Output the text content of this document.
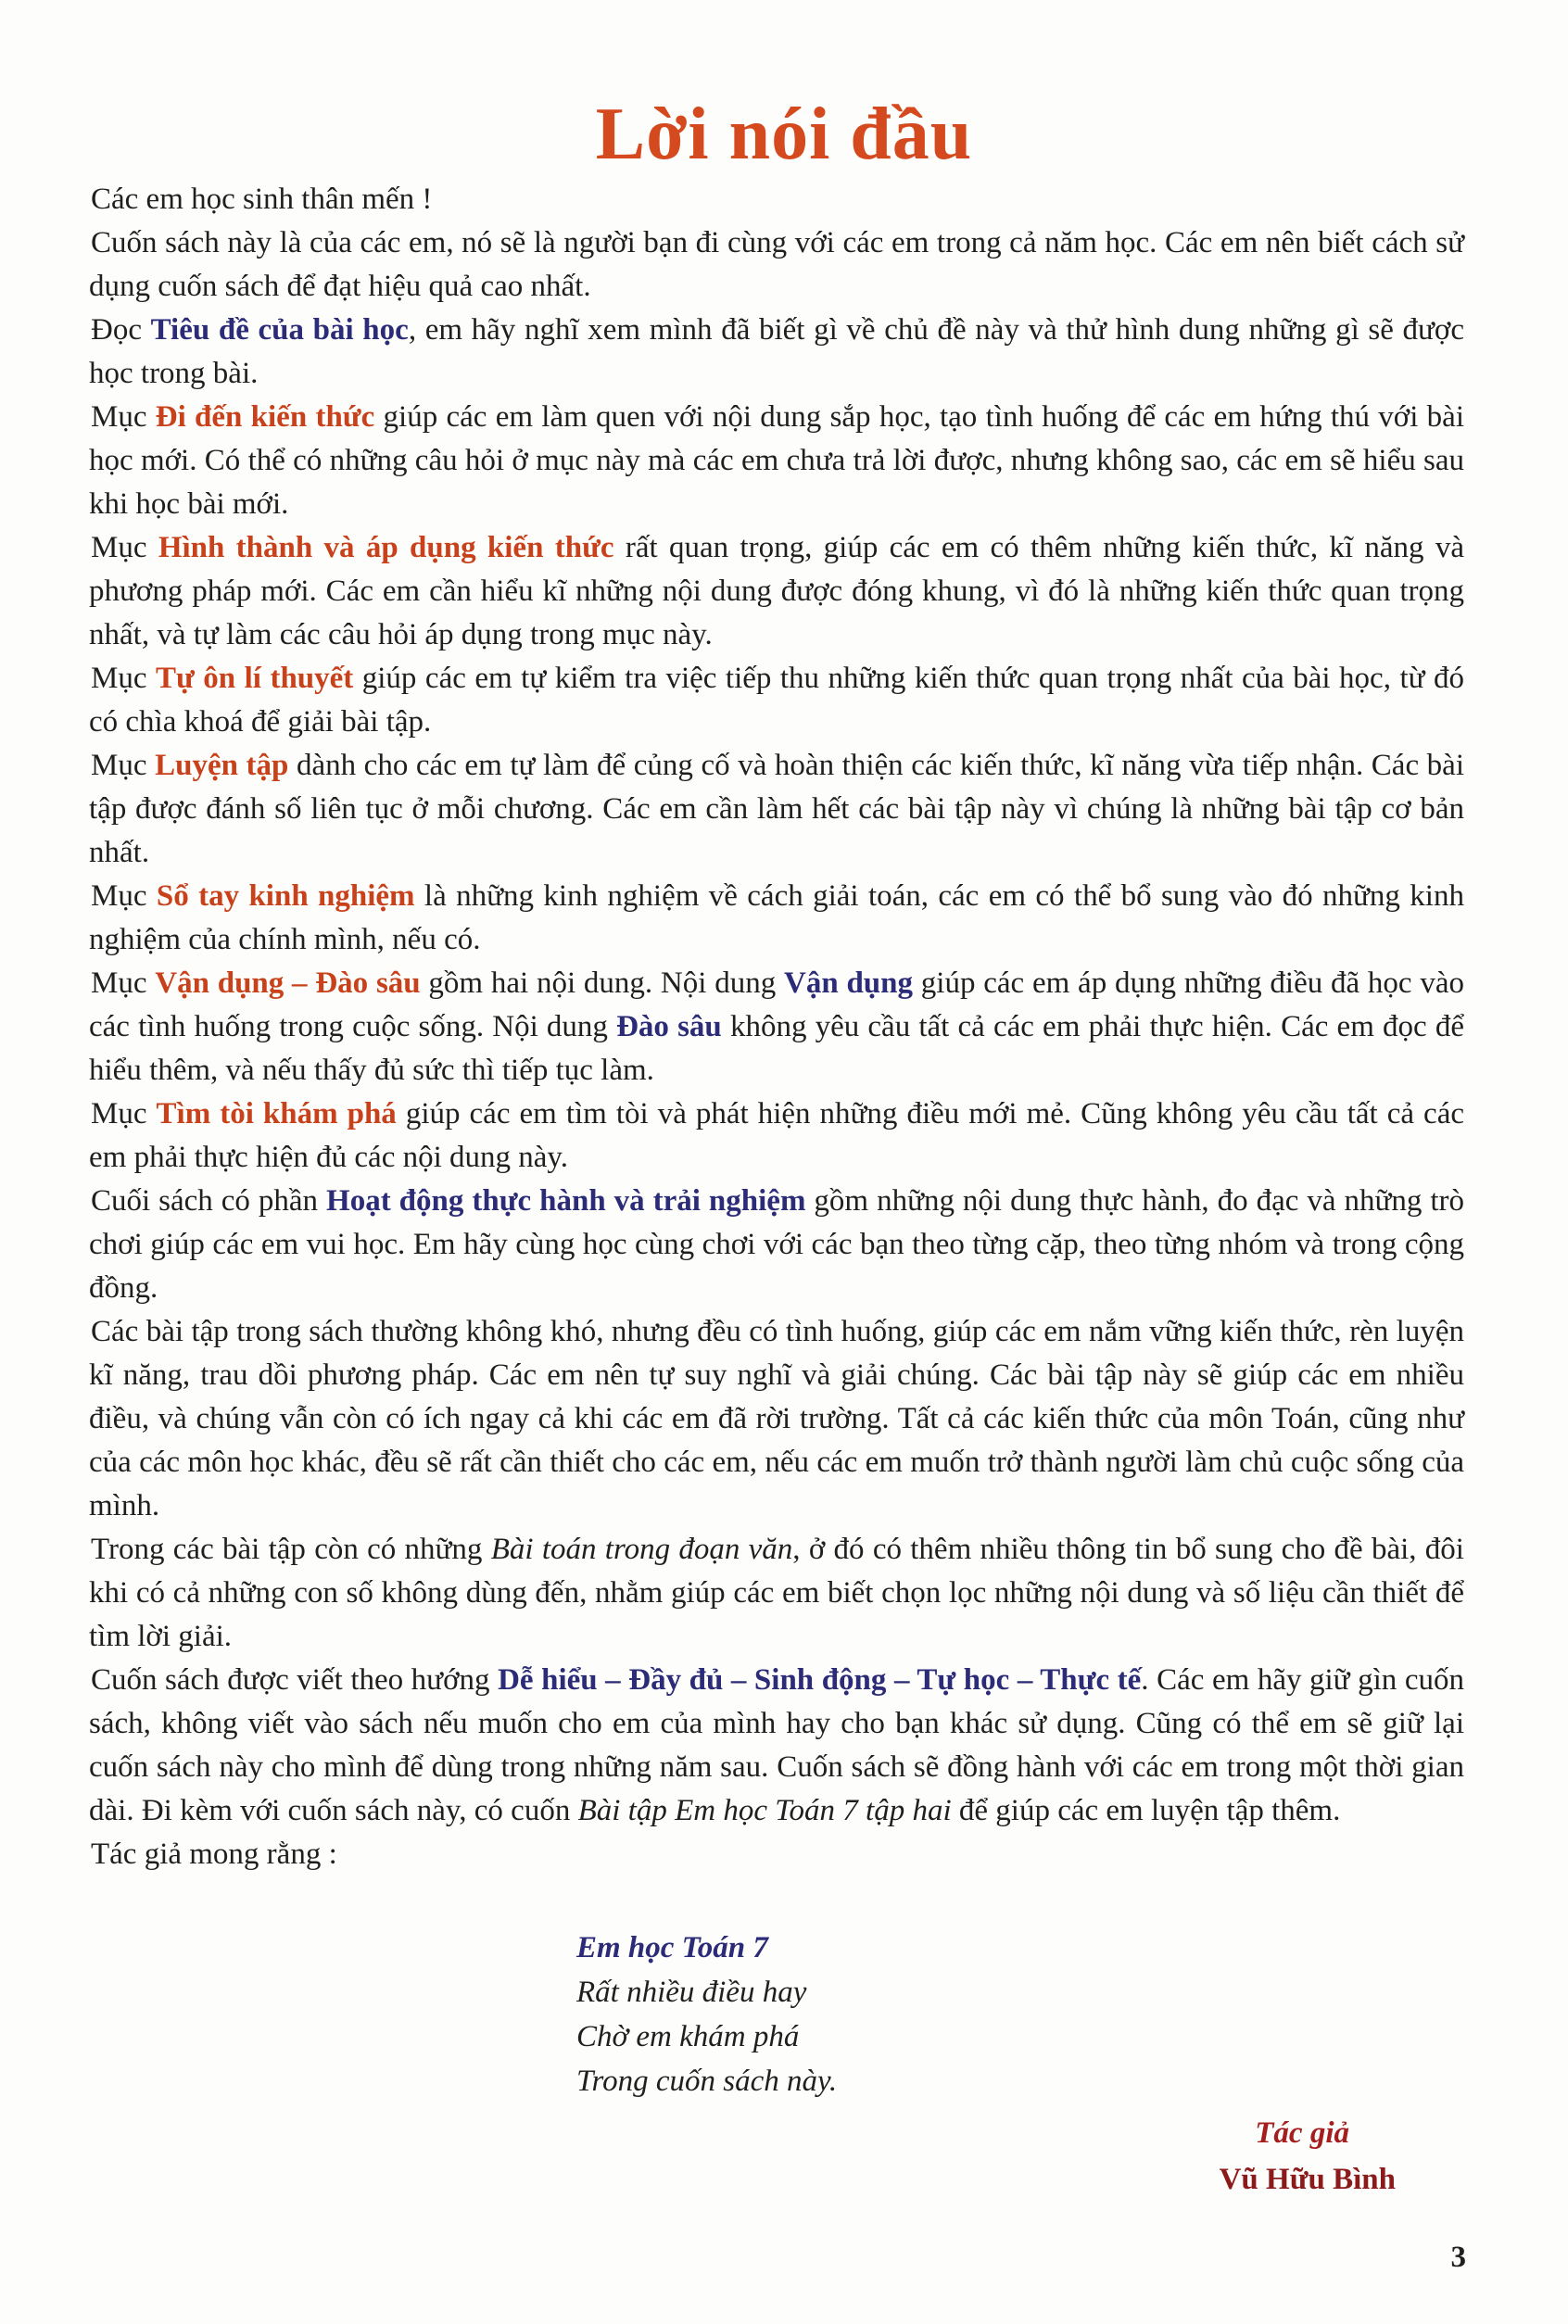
Lời nói đầu

Các em học sinh thân mến !

Cuốn sách này là của các em, nó sẽ là người bạn đi cùng với các em trong cả năm học. Các em nên biết cách sử dụng cuốn sách để đạt hiệu quả cao nhất.

Đọc Tiêu đề của bài học, em hãy nghĩ xem mình đã biết gì về chủ đề này và thử hình dung những gì sẽ được học trong bài.

Mục Đi đến kiến thức giúp các em làm quen với nội dung sắp học, tạo tình huống để các em hứng thú với bài học mới. Có thể có những câu hỏi ở mục này mà các em chưa trả lời được, nhưng không sao, các em sẽ hiểu sau khi học bài mới.

Mục Hình thành và áp dụng kiến thức rất quan trọng, giúp các em có thêm những kiến thức, kĩ năng và phương pháp mới. Các em cần hiểu kĩ những nội dung được đóng khung, vì đó là những kiến thức quan trọng nhất, và tự làm các câu hỏi áp dụng trong mục này.

Mục Tự ôn lí thuyết giúp các em tự kiểm tra việc tiếp thu những kiến thức quan trọng nhất của bài học, từ đó có chìa khoá để giải bài tập.

Mục Luyện tập dành cho các em tự làm để củng cố và hoàn thiện các kiến thức, kĩ năng vừa tiếp nhận. Các bài tập được đánh số liên tục ở mỗi chương. Các em cần làm hết các bài tập này vì chúng là những bài tập cơ bản nhất.

Mục Sổ tay kinh nghiệm là những kinh nghiệm về cách giải toán, các em có thể bổ sung vào đó những kinh nghiệm của chính mình, nếu có.

Mục Vận dụng – Đào sâu gồm hai nội dung. Nội dung Vận dụng giúp các em áp dụng những điều đã học vào các tình huống trong cuộc sống. Nội dung Đào sâu không yêu cầu tất cả các em phải thực hiện. Các em đọc để hiểu thêm, và nếu thấy đủ sức thì tiếp tục làm.

Mục Tìm tòi khám phá giúp các em tìm tòi và phát hiện những điều mới mẻ. Cũng không yêu cầu tất cả các em phải thực hiện đủ các nội dung này.

Cuối sách có phần Hoạt động thực hành và trải nghiệm gồm những nội dung thực hành, đo đạc và những trò chơi giúp các em vui học. Em hãy cùng học cùng chơi với các bạn theo từng cặp, theo từng nhóm và trong cộng đồng.

Các bài tập trong sách thường không khó, nhưng đều có tình huống, giúp các em nắm vững kiến thức, rèn luyện kĩ năng, trau dồi phương pháp. Các em nên tự suy nghĩ và giải chúng. Các bài tập này sẽ giúp các em nhiều điều, và chúng vẫn còn có ích ngay cả khi các em đã rời trường. Tất cả các kiến thức của môn Toán, cũng như của các môn học khác, đều sẽ rất cần thiết cho các em, nếu các em muốn trở thành người làm chủ cuộc sống của mình.

Trong các bài tập còn có những Bài toán trong đoạn văn, ở đó có thêm nhiều thông tin bổ sung cho đề bài, đôi khi có cả những con số không dùng đến, nhằm giúp các em biết chọn lọc những nội dung và số liệu cần thiết để tìm lời giải.

Cuốn sách được viết theo hướng Dễ hiểu – Đầy đủ – Sinh động – Tự học – Thực tế. Các em hãy giữ gìn cuốn sách, không viết vào sách nếu muốn cho em của mình hay cho bạn khác sử dụng. Cũng có thể em sẽ giữ lại cuốn sách này cho mình để dùng trong những năm sau. Cuốn sách sẽ đồng hành với các em trong một thời gian dài. Đi kèm với cuốn sách này, có cuốn Bài tập Em học Toán 7 tập hai để giúp các em luyện tập thêm.

Tác giả mong rằng :

Em học Toán 7
Rất nhiều điều hay
Chờ em khám phá
Trong cuốn sách này.
Tác giả
Vũ Hữu Bình
3
